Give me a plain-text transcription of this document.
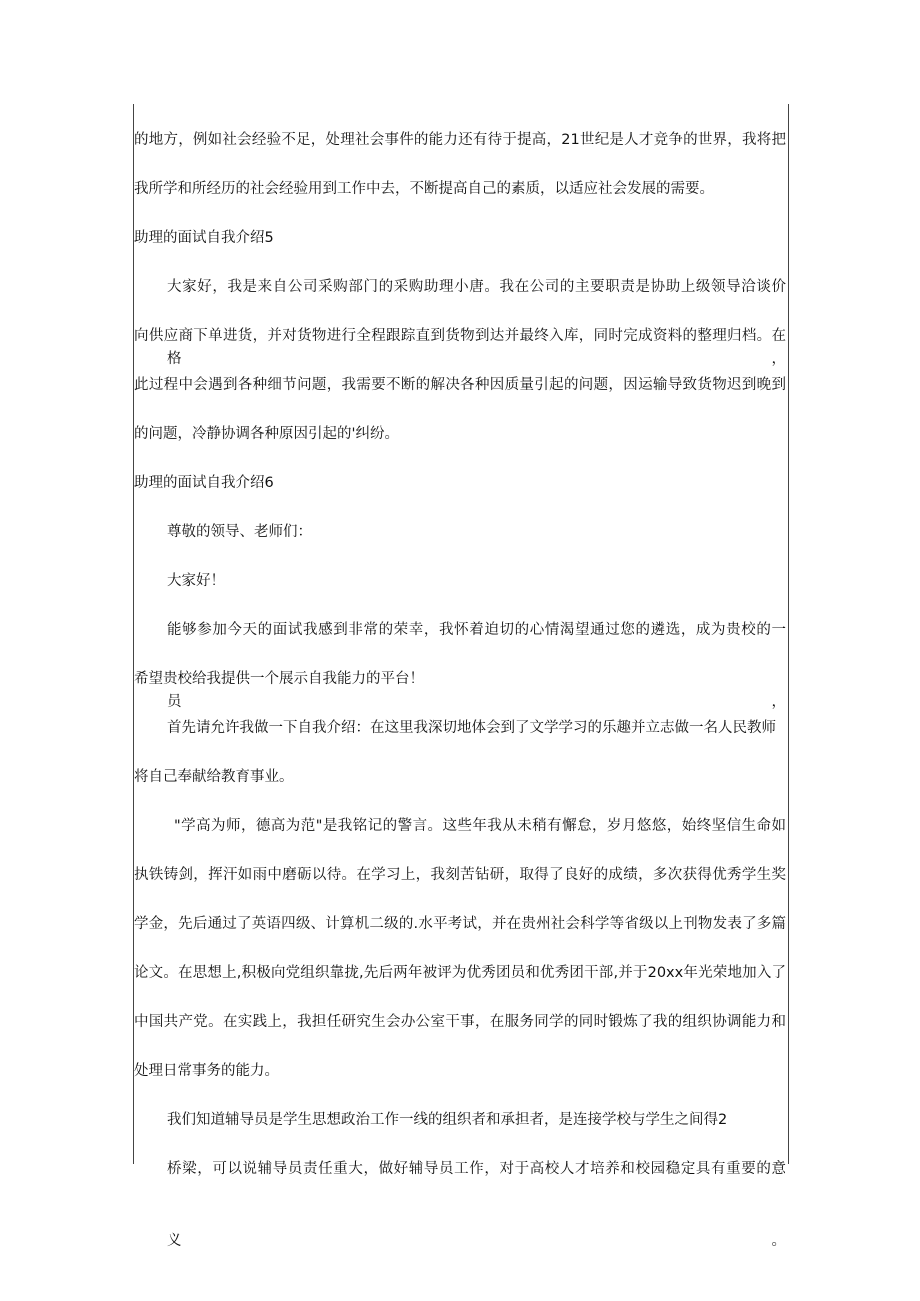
的地方，例如社会经验不足，处理社会事件的能力还有待于提高，21世纪是人才竞争的世界，我将把
我所学和所经历的社会经验用到工作中去，不断提高自己的素质，以适应社会发展的需要。
助理的面试自我介绍5
大家好，我是来自公司采购部门的采购助理小唐。我在公司的主要职责是协助上级领导洽谈价格，
向供应商下单进货，并对货物进行全程跟踪直到货物到达并最终入库，同时完成资料的整理归档。在
此过程中会遇到各种细节问题，我需要不断的解决各种因质量引起的问题，因运输导致货物迟到晚到
的问题，冷静协调各种原因引起的'纠纷。
助理的面试自我介绍6
尊敬的领导、老师们：
大家好！
能够参加今天的面试我感到非常的荣幸，我怀着迫切的心情渴望通过您的遴选，成为贵校的一员，
希望贵校给我提供一个展示自我能力的平台！
首先请允许我做一下自我介绍：在这里我深切地体会到了文学学习的乐趣并立志做一名人民教师
将自己奉献给教育事业。
"学高为师，德高为范"是我铭记的警言。这些年我从未稍有懈怠，岁月悠悠，始终坚信生命如
执铁铸剑，挥汗如雨中磨砺以待。在学习上，我刻苦钻研，取得了良好的成绩，多次获得优秀学生奖
学金，先后通过了英语四级、计算机二级的.水平考试，并在贵州社会科学等省级以上刊物发表了多篇
论文。在思想上,积极向党组织靠拢,先后两年被评为优秀团员和优秀团干部,并于20xx年光荣地加入了
中国共产党。在实践上，我担任研究生会办公室干事，在服务同学的同时锻炼了我的组织协调能力和
处理日常事务的能力。
我们知道辅导员是学生思想政治工作一线的组织者和承担者，是连接学校与学生之间得2
桥梁，可以说辅导员责任重大，做好辅导员工作，对于高校人才培养和校园稳定具有重要的意义。
